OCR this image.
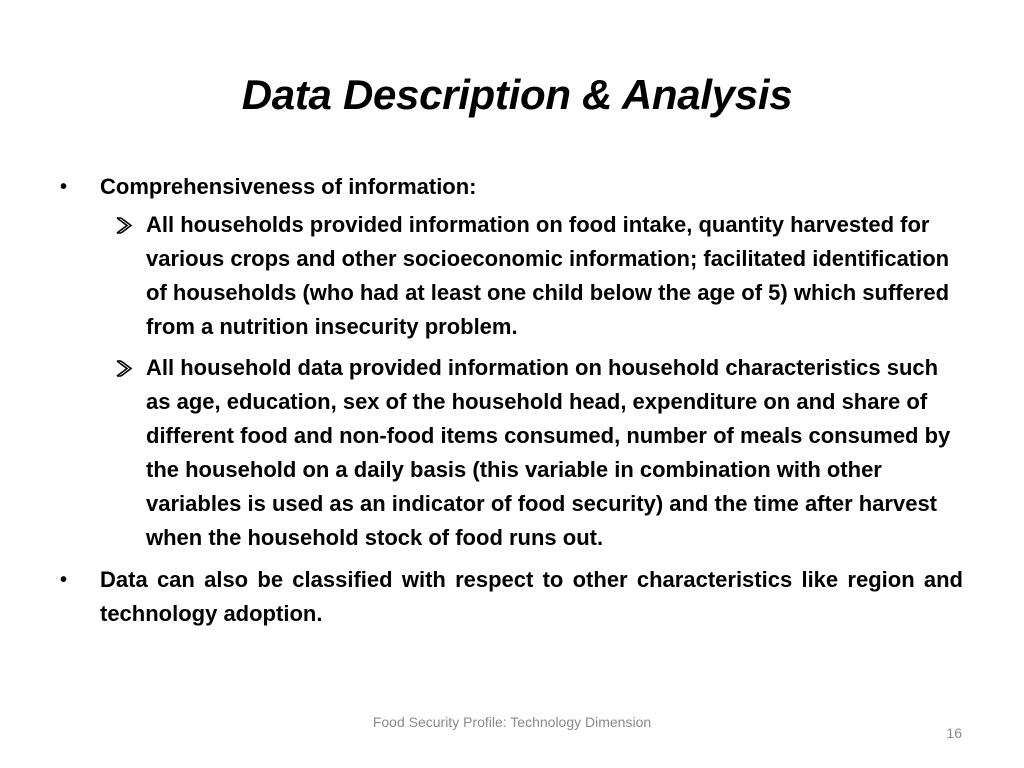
Data Description & Analysis

•	Comprehensiveness of information:

All households provided information on food intake, quantity harvested for various crops and other socioeconomic information; facilitated identification of households (who had at least one child below the age of 5) which suffered from a nutrition insecurity problem.

All household data provided information on household characteristics such as age, education, sex of the household head, expenditure on and share of different food and non-food items consumed, number of meals consumed by the household on a daily basis (this variable in combination with other variables is used as an indicator of food security) and the time after harvest when the household stock of food runs out.

•	Data can also be classified with respect to other characteristics like region and technology adoption.

Food Security Profile: Technology Dimension
16
